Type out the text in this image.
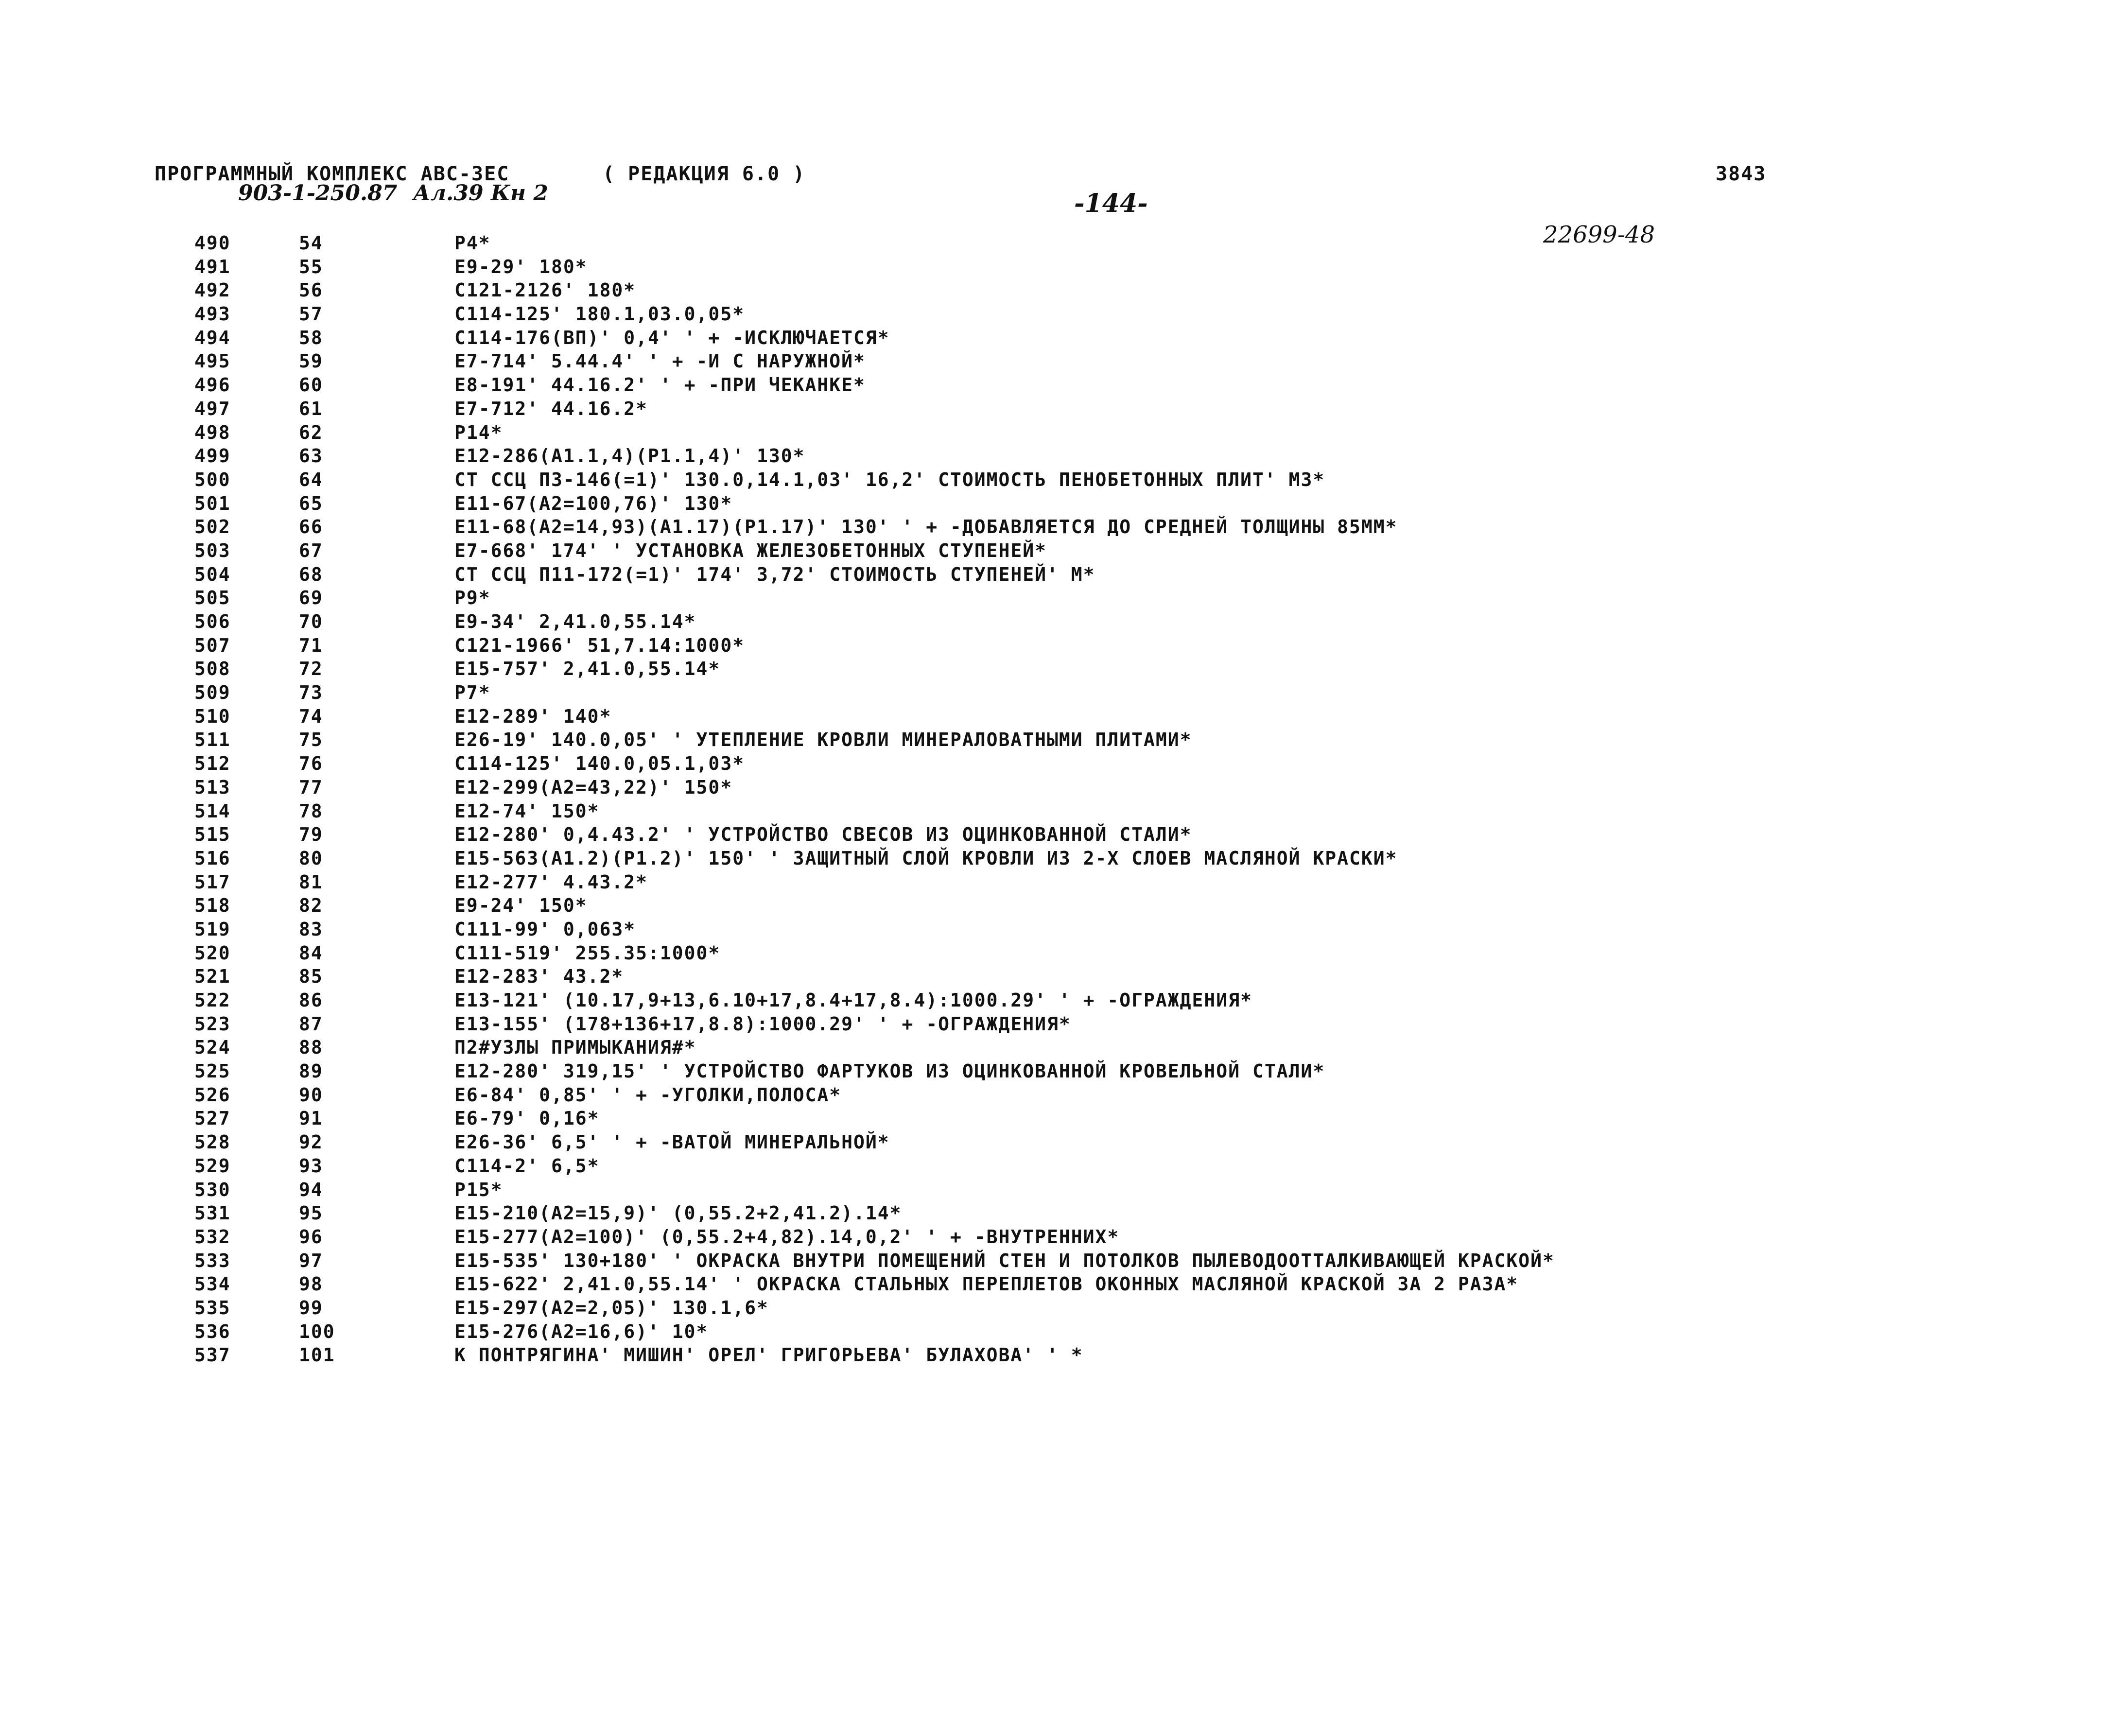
ПРОГРАММНЫЙ КОМПЛЕКС АВС-3ЕС	( РЕДАКЦИЯ 6.0 )	3843
903-1-250.87 Ал.39 Кн 2	-144-
22699-48
490	54	Р4*
491	55	Е9-29' 180*
492	56	С121-2126' 180*
493	57	С114-125' 180.1,03.0,05*
494	58	С114-176(ВП)' 0,4' ' + -ИСКЛЮЧАЕТСЯ*
495	59	Е7-714' 5.44.4' ' + -И С НАРУЖНОЙ*
496	60	Е8-191' 44.16.2' ' + -ПРИ ЧЕКАНКЕ*
497	61	Е7-712' 44.16.2*
498	62	Р14*
499	63	Е12-286(А1.1,4)(Р1.1,4)' 130*
500	64	СТ ССЦ П3-146(=1)' 130.0,14.1,03' 16,2' СТОИМОСТЬ ПЕНОБЕТОННЫХ ПЛИТ' М3*
501	65	Е11-67(А2=100,76)' 130*
502	66	Е11-68(А2=14,93)(А1.17)(Р1.17)' 130' ' + -ДОБАВЛЯЕТСЯ ДО СРЕДНЕЙ ТОЛЩИНЫ 85ММ*
503	67	Е7-668' 174' ' УСТАНОВКА ЖЕЛЕЗОБЕТОННЫХ СТУПЕНЕЙ*
504	68	СТ ССЦ П11-172(=1)' 174' 3,72' СТОИМОСТЬ СТУПЕНЕЙ' М*
505	69	Р9*
506	70	Е9-34' 2,41.0,55.14*
507	71	С121-1966' 51,7.14:1000*
508	72	Е15-757' 2,41.0,55.14*
509	73	Р7*
510	74	Е12-289' 140*
511	75	Е26-19' 140.0,05' ' УТЕПЛЕНИЕ КРОВЛИ МИНЕРАЛОВАТНЫМИ ПЛИТАМИ*
512	76	С114-125' 140.0,05.1,03*
513	77	Е12-299(А2=43,22)' 150*
514	78	Е12-74' 150*
515	79	Е12-280' 0,4.43.2' ' УСТРОЙСТВО СВЕСОВ ИЗ ОЦИНКОВАННОЙ СТАЛИ*
516	80	Е15-563(А1.2)(Р1.2)' 150' ' ЗАЩИТНЫЙ СЛОЙ КРОВЛИ ИЗ 2-Х СЛОЕВ МАСЛЯНОЙ КРАСКИ*
517	81	Е12-277' 4.43.2*
518	82	Е9-24' 150*
519	83	С111-99' 0,063*
520	84	С111-519' 255.35:1000*
521	85	Е12-283' 43.2*
522	86	Е13-121' (10.17,9+13,6.10+17,8.4+17,8.4):1000.29' ' + -ОГРАЖДЕНИЯ*
523	87	Е13-155' (178+136+17,8.8):1000.29' ' + -ОГРАЖДЕНИЯ*
524	88	П2#УЗЛЫ ПРИМЫКАНИЯ#*
525	89	Е12-280' 319,15' ' УСТРОЙСТВО ФАРТУКОВ ИЗ ОЦИНКОВАННОЙ КРОВЕЛЬНОЙ СТАЛИ*
526	90	Е6-84' 0,85' ' + -УГОЛКИ,ПОЛОСА*
527	91	Е6-79' 0,16*
528	92	Е26-36' 6,5' ' + -ВАТОЙ МИНЕРАЛЬНОЙ*
529	93	С114-2' 6,5*
530	94	Р15*
531	95	Е15-210(А2=15,9)' (0,55.2+2,41.2).14*
532	96	Е15-277(А2=100)' (0,55.2+4,82).14,0,2' ' + -ВНУТРЕННИХ*
533	97	Е15-535' 130+180' ' ОКРАСКА ВНУТРИ ПОМЕЩЕНИЙ СТЕН И ПОТОЛКОВ ПЫЛЕВОДООТТАЛКИВАЮЩЕЙ КРАСКОЙ*
534	98	Е15-622' 2,41.0,55.14' ' ОКРАСКА СТАЛЬНЫХ ПЕРЕПЛЕТОВ ОКОННЫХ МАСЛЯНОЙ КРАСКОЙ ЗА 2 РАЗА*
535	99	Е15-297(А2=2,05)' 130.1,6*
536	100	Е15-276(А2=16,6)' 10*
537	101	К ПОНТРЯГИНА' МИШИН' ОРЕЛ' ГРИГОРЬЕВА' БУЛАХОВА' ' *
